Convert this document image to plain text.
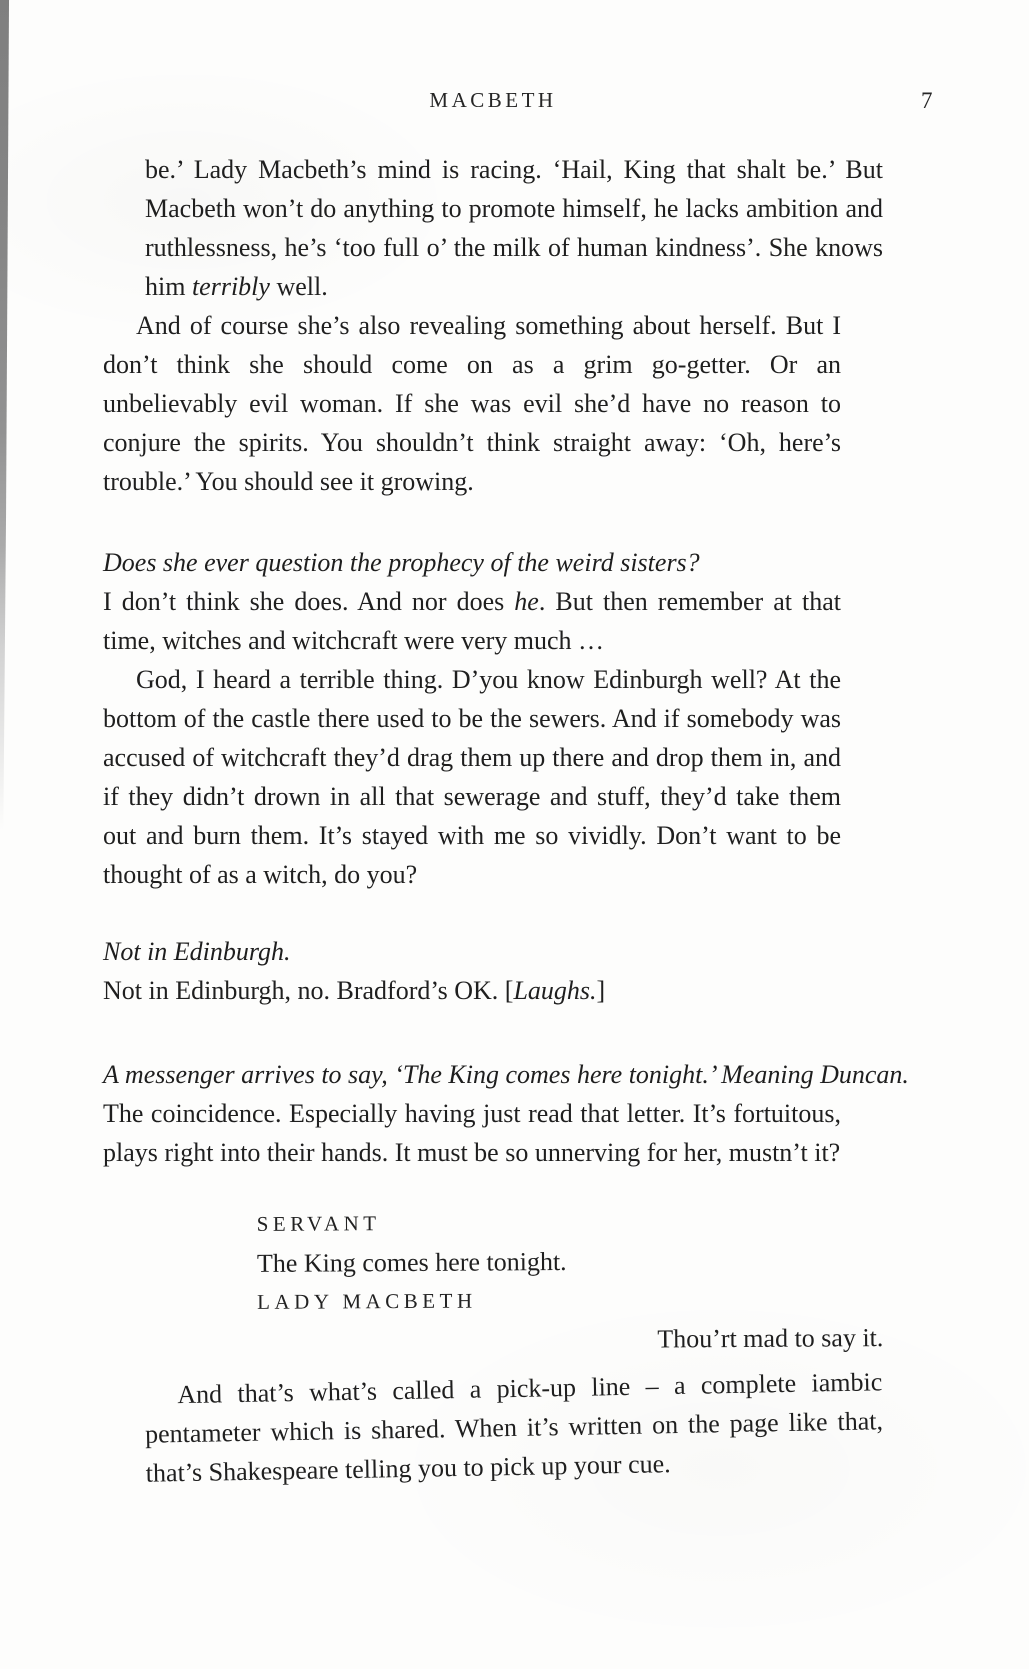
MACBETH	7

be.’ Lady Macbeth’s mind is racing. ‘Hail, King that shalt be.’ But Macbeth won’t do anything to promote himself, he lacks ambition and ruthlessness, he’s ‘too full o’ the milk of human kindness’. She knows him terribly well.

And of course she’s also revealing something about herself. But I don’t think she should come on as a grim go-getter. Or an unbelievably evil woman. If she was evil she’d have no reason to conjure the spirits. You shouldn’t think straight away: ‘Oh, here’s trouble.’ You should see it growing.

Does she ever question the prophecy of the weird sisters?

I don’t think she does. And nor does he. But then remember at that time, witches and witchcraft were very much …

God, I heard a terrible thing. D’you know Edinburgh well? At the bottom of the castle there used to be the sewers. And if somebody was accused of witchcraft they’d drag them up there and drop them in, and if they didn’t drown in all that sewerage and stuff, they’d take them out and burn them. It’s stayed with me so vividly. Don’t want to be thought of as a witch, do you?

Not in Edinburgh.

Not in Edinburgh, no. Bradford’s OK. [Laughs.]

A messenger arrives to say, ‘The King comes here tonight.’ Meaning Duncan.

The coincidence. Especially having just read that letter. It’s fortuitous, plays right into their hands. It must be so unnerving for her, mustn’t it?

SERVANT
The King comes here tonight.
LADY MACBETH
Thou’rt mad to say it.

And that’s what’s called a pick-up line – a complete iambic pentameter which is shared. When it’s written on the page like that, that’s Shakespeare telling you to pick up your cue.
